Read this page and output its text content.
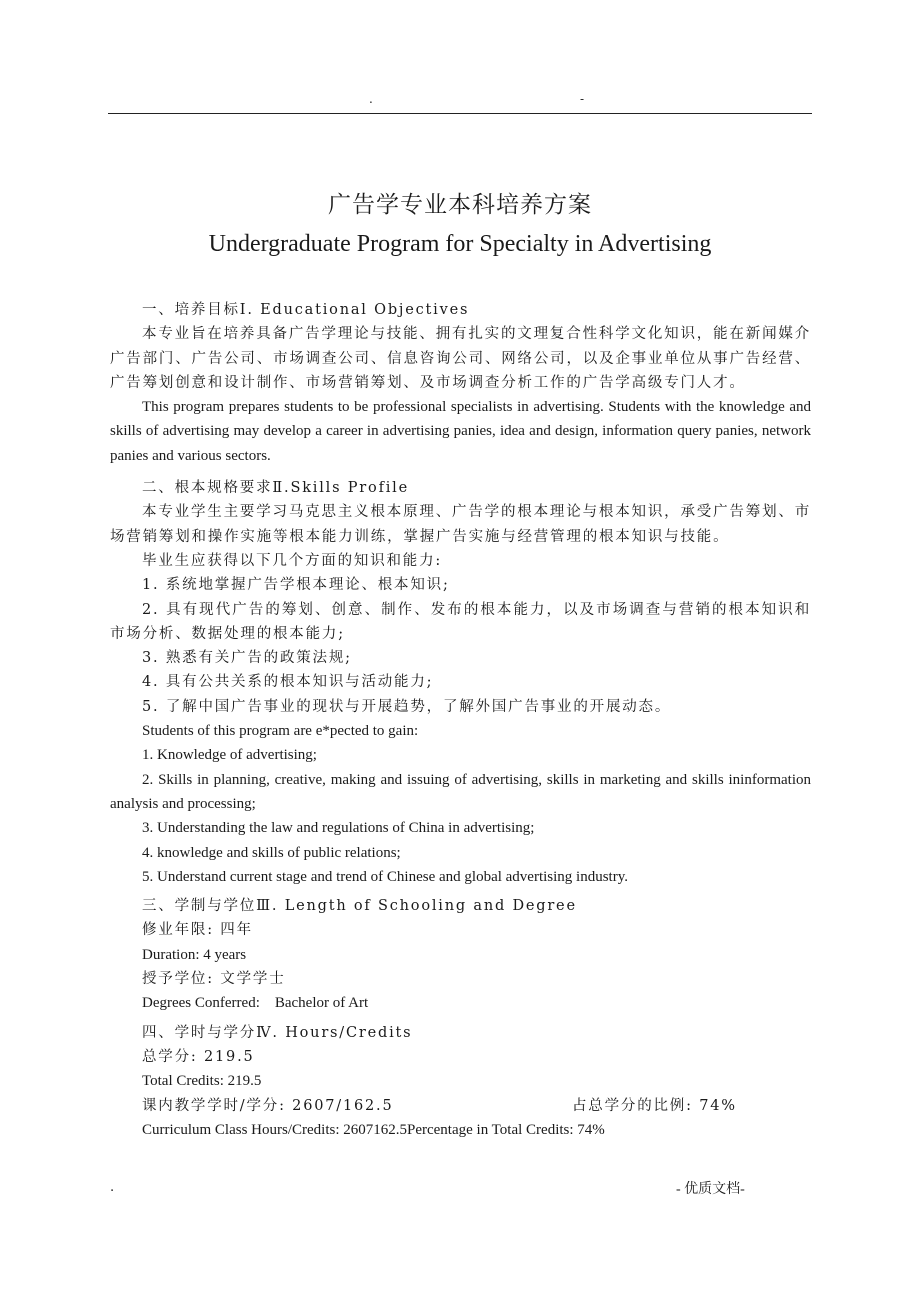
.	-
广告学专业本科培养方案
Undergraduate Program for Specialty in Advertising

一、培养目标Ⅰ. Educational Objectives

本专业旨在培养具备广告学理论与技能、拥有扎实的文理复合性科学文化知识，能在新闻媒介广告部门、广告公司、市场调查公司、信息咨询公司、网络公司，以及企事业单位从事广告经营、广告筹划创意和设计制作、市场营销筹划、及市场调查分析工作的广告学高级专门人才。

This program prepares students to be professional specialists in advertising. Students with the knowledge and skills of advertising may develop a career in advertising panies, idea and design, information query panies, network panies and various sectors.

二、根本规格要求Ⅱ.Skills Profile

本专业学生主要学习马克思主义根本原理、广告学的根本理论与根本知识，承受广告筹划、市场营销筹划和操作实施等根本能力训练，掌握广告实施与经营管理的根本知识与技能。

毕业生应获得以下几个方面的知识和能力:

1. 系统地掌握广告学根本理论、根本知识;

2. 具有现代广告的筹划、创意、制作、发布的根本能力，以及市场调查与营销的根本知识和市场分析、数据处理的根本能力;

3. 熟悉有关广告的政策法规;

4. 具有公共关系的根本知识与活动能力;

5. 了解中国广告事业的现状与开展趋势，了解外国广告事业的开展动态。

Students of this program are e*pected to gain:

1. Knowledge of advertising;

2. Skills in planning, creative, making and issuing of advertising, skills in marketing and skills ininformation analysis and processing;

3. Understanding the law and regulations of China in advertising;

4. knowledge and skills of public relations;

5. Understand current stage and trend of Chinese and global advertising industry.

三、学制与学位Ⅲ. Length of Schooling and Degree

修业年限: 四年

Duration: 4 years

授予学位: 文学学士

Degrees Conferred:    Bachelor of Art

四、学时与学分Ⅳ. Hours/Credits

总学分: 219.5

Total Credits: 219.5

课内教学学时/学分: 2607/162.5	占总学分的比例: 74%

Curriculum Class Hours/Credits: 2607162.5Percentage in Total Credits: 74%

.	- 优质文档-
